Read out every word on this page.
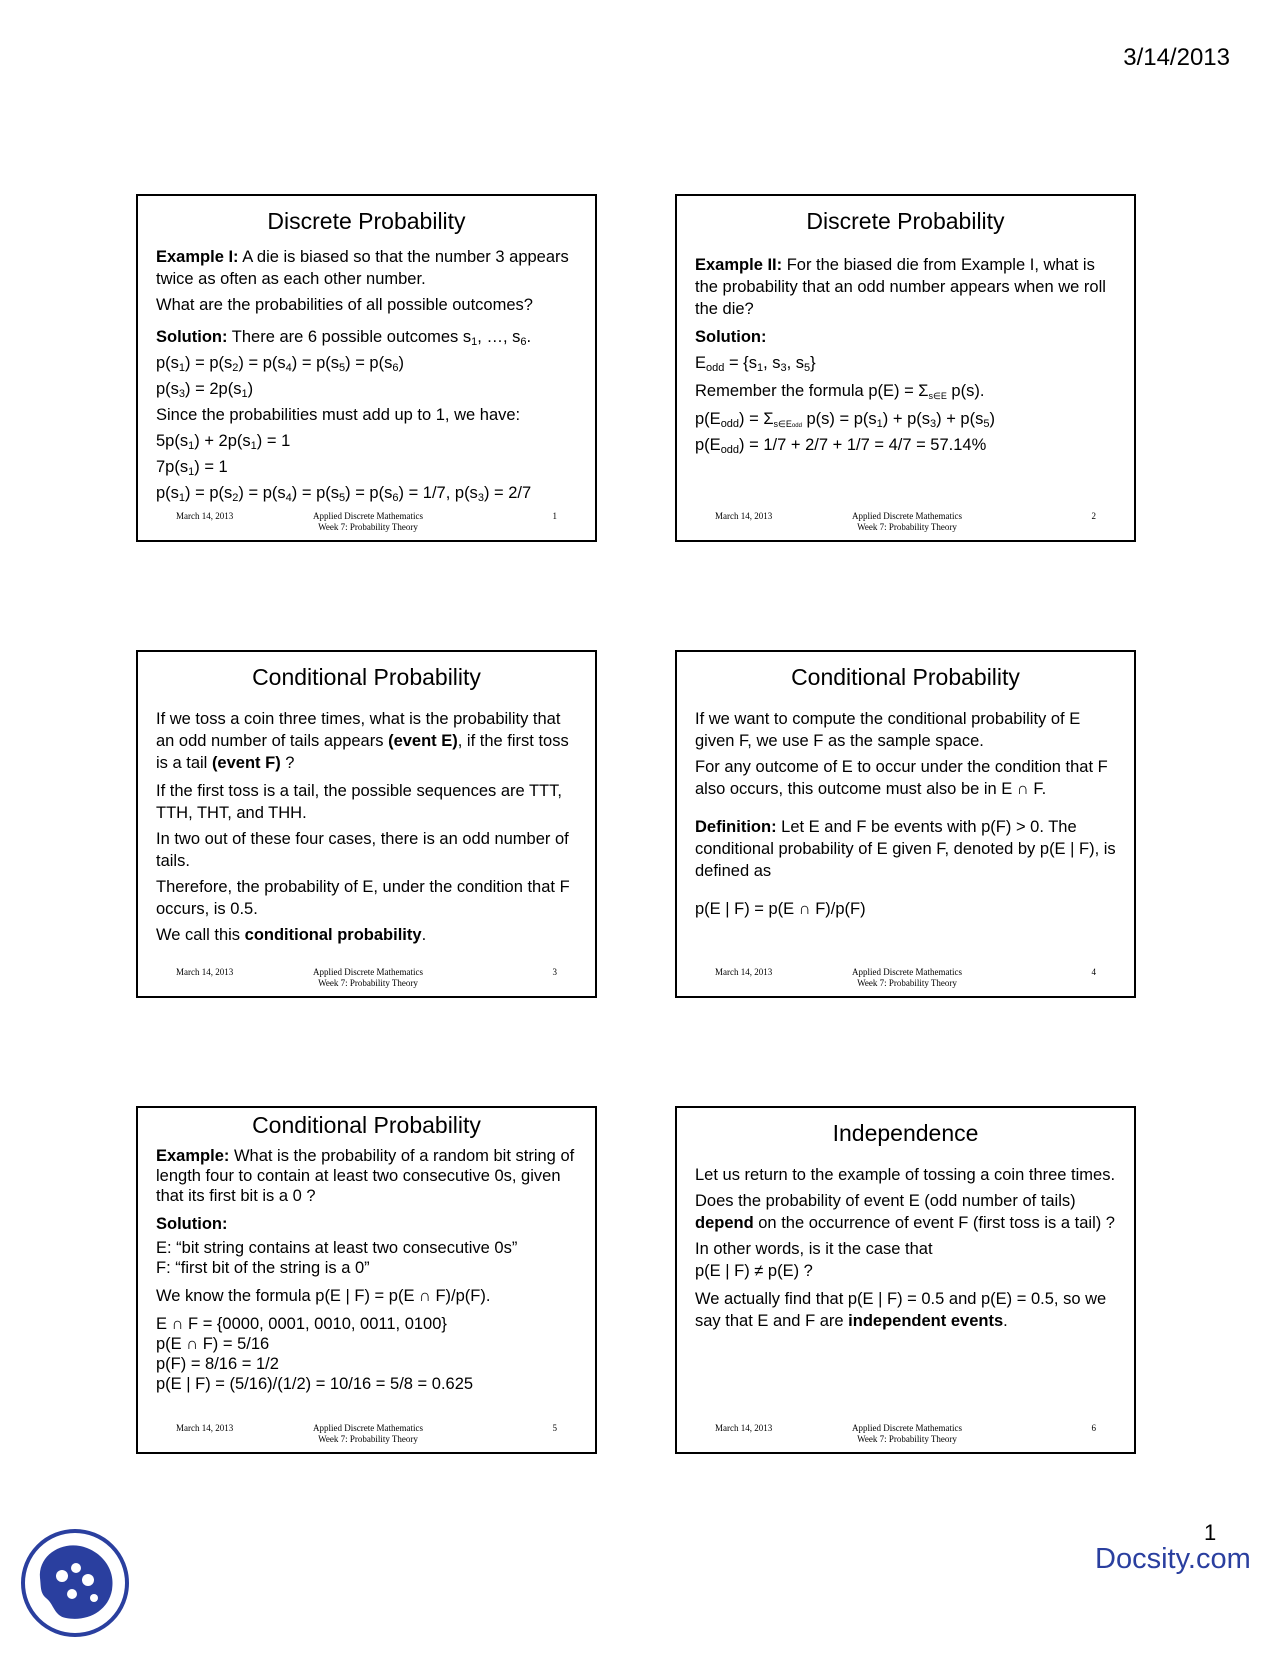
3/14/2013
Discrete Probability

Example I: A die is biased so that the number 3 appears twice as often as each other number.

What are the probabilities of all possible outcomes?

Solution: There are 6 possible outcomes $s_1$, …, $s_6$.

$p(s_1) = p(s_2) = p(s_4) = p(s_5) = p(s_6)$

$p(s_3) = 2p(s_1)$

Since the probabilities must add up to 1, we have:

$5p(s_1) + 2p(s_1) = 1$

$7p(s_1) = 1$

$p(s_1) = p(s_2) = p(s_4) = p(s_5) = p(s_6) = 1/7$, $p(s_3) = 2/7$

March 14, 2013	Applied Discrete Mathematics
Week 7: Probability Theory
1
Discrete Probability

Example II: For the biased die from Example I, what is the probability that an odd number appears when we roll the die?

Solution:

$E_{odd} = \{s_1$, $s_3$, $s_5$}

Remember the formula p(E) = Σs∈E p(s).

$p(E_{odd})$ = Σs∈Eodd $p(s) = p(s_1) + p(s_3) + p(s_5)$

$p(E_{odd}) = 1/7 + 2/7 + 1/7 = 4/7 = 57.14\%$

March 14, 2013	Applied Discrete Mathematics
Week 7: Probability Theory
2
Conditional Probability

If we toss a coin three times, what is the probability that an odd number of tails appears (event E), if the first toss is a tail (event F) ?

If the first toss is a tail, the possible sequences are TTT, TTH, THT, and THH.

In two out of these four cases, there is an odd number of tails.

Therefore, the probability of E, under the condition that F occurs, is 0.5.

We call this conditional probability.

March 14, 2013	Applied Discrete Mathematics
Week 7: Probability Theory
3
Conditional Probability

If we want to compute the conditional probability of E given F, we use F as the sample space.

For any outcome of E to occur under the condition that F also occurs, this outcome must also be in E ∩ F.

Definition: Let E and F be events with p(F) > 0. The conditional probability of E given F, denoted by p(E | F), is defined as

p(E | F) = p(E ∩ F)/p(F)

March 14, 2013	Applied Discrete Mathematics
Week 7: Probability Theory
4
Conditional Probability

Example: What is the probability of a random bit string of length four to contain at least two consecutive 0s, given that its first bit is a 0 ?

Solution:

E: “bit string contains at least two consecutive 0s”

F: “first bit of the string is a 0”

We know the formula p(E | F) = p(E ∩ F)/p(F).

E ∩ F = {0000, 0001, 0010, 0011, 0100}

p(E ∩ F) = 5/16

p(F) = 8/16 = 1/2

p(E | F) = (5/16)/(1/2) = 10/16 = 5/8 = 0.625

March 14, 2013	Applied Discrete Mathematics
Week 7: Probability Theory
5
Independence

Let us return to the example of tossing a coin three times.

Does the probability of event E (odd number of tails) depend on the occurrence of event F (first toss is a tail) ?

In other words, is it the case that
p(E | F) ≠ p(E) ?

We actually find that p(E | F) = 0.5 and p(E) = 0.5, so we say that E and F are independent events.

March 14, 2013	Applied Discrete Mathematics
Week 7: Probability Theory
6
1
Docsity.com
